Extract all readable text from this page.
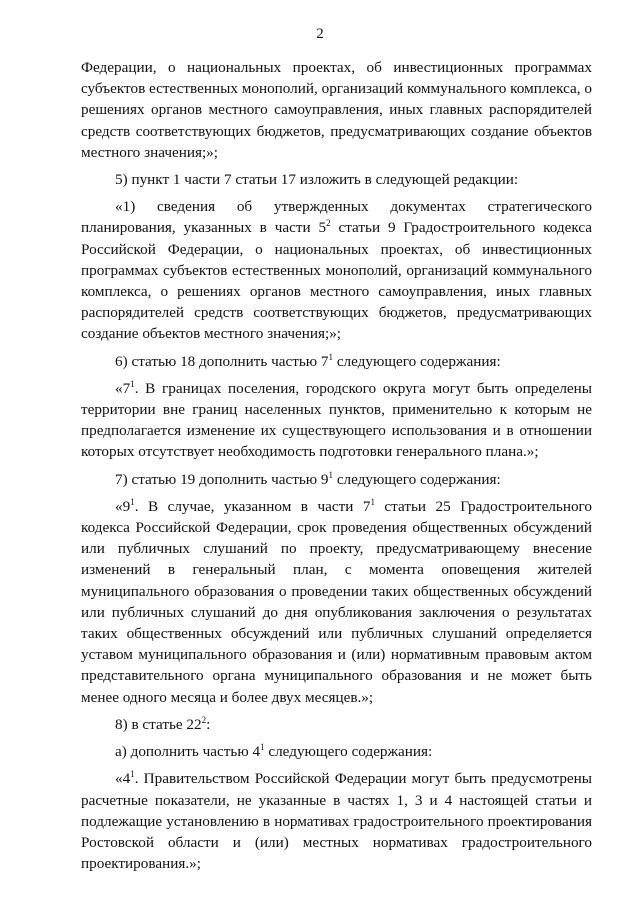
2

Федерации, о национальных проектах, об инвестиционных программах субъектов естественных монополий, организаций коммунального комплекса, о решениях органов местного самоуправления, иных главных распорядителей средств соответствующих бюджетов, предусматривающих создание объектов местного значения;»;

5) пункт 1 части 7 статьи 17 изложить в следующей редакции:

«1) сведения об утвержденных документах стратегического планирования, указанных в части $5^2$ статьи 9 Градостроительного кодекса Российской Федерации, о национальных проектах, об инвестиционных программах субъектов естественных монополий, организаций коммунального комплекса, о решениях органов местного самоуправления, иных главных распорядителей средств соответствующих бюджетов, предусматривающих создание объектов местного значения;»;

6) статью 18 дополнить частью $7^1$ следующего содержания:

«$7^1$. В границах поселения, городского округа могут быть определены территории вне границ населенных пунктов, применительно к которым не предполагается изменение их существующего использования и в отношении которых отсутствует необходимость подготовки генерального плана.»;

7) статью 19 дополнить частью $9^1$ следующего содержания:

«$9^1$. В случае, указанном в части $7^1$ статьи 25 Градостроительного кодекса Российской Федерации, срок проведения общественных обсуждений или публичных слушаний по проекту, предусматривающему внесение изменений в генеральный план, с момента оповещения жителей муниципального образования о проведении таких общественных обсуждений или публичных слушаний до дня опубликования заключения о результатах таких общественных обсуждений или публичных слушаний определяется уставом муниципального образования и (или) нормативным правовым актом представительного органа муниципального образования и не может быть менее одного месяца и более двух месяцев.»;

8) в статье $22^2$:

а) дополнить частью $4^1$ следующего содержания:

«$4^1$. Правительством Российской Федерации могут быть предусмотрены расчетные показатели, не указанные в частях 1, 3 и 4 настоящей статьи и подлежащие установлению в нормативах градостроительного проектирования Ростовской области и (или) местных нормативах градостроительного проектирования.»;
